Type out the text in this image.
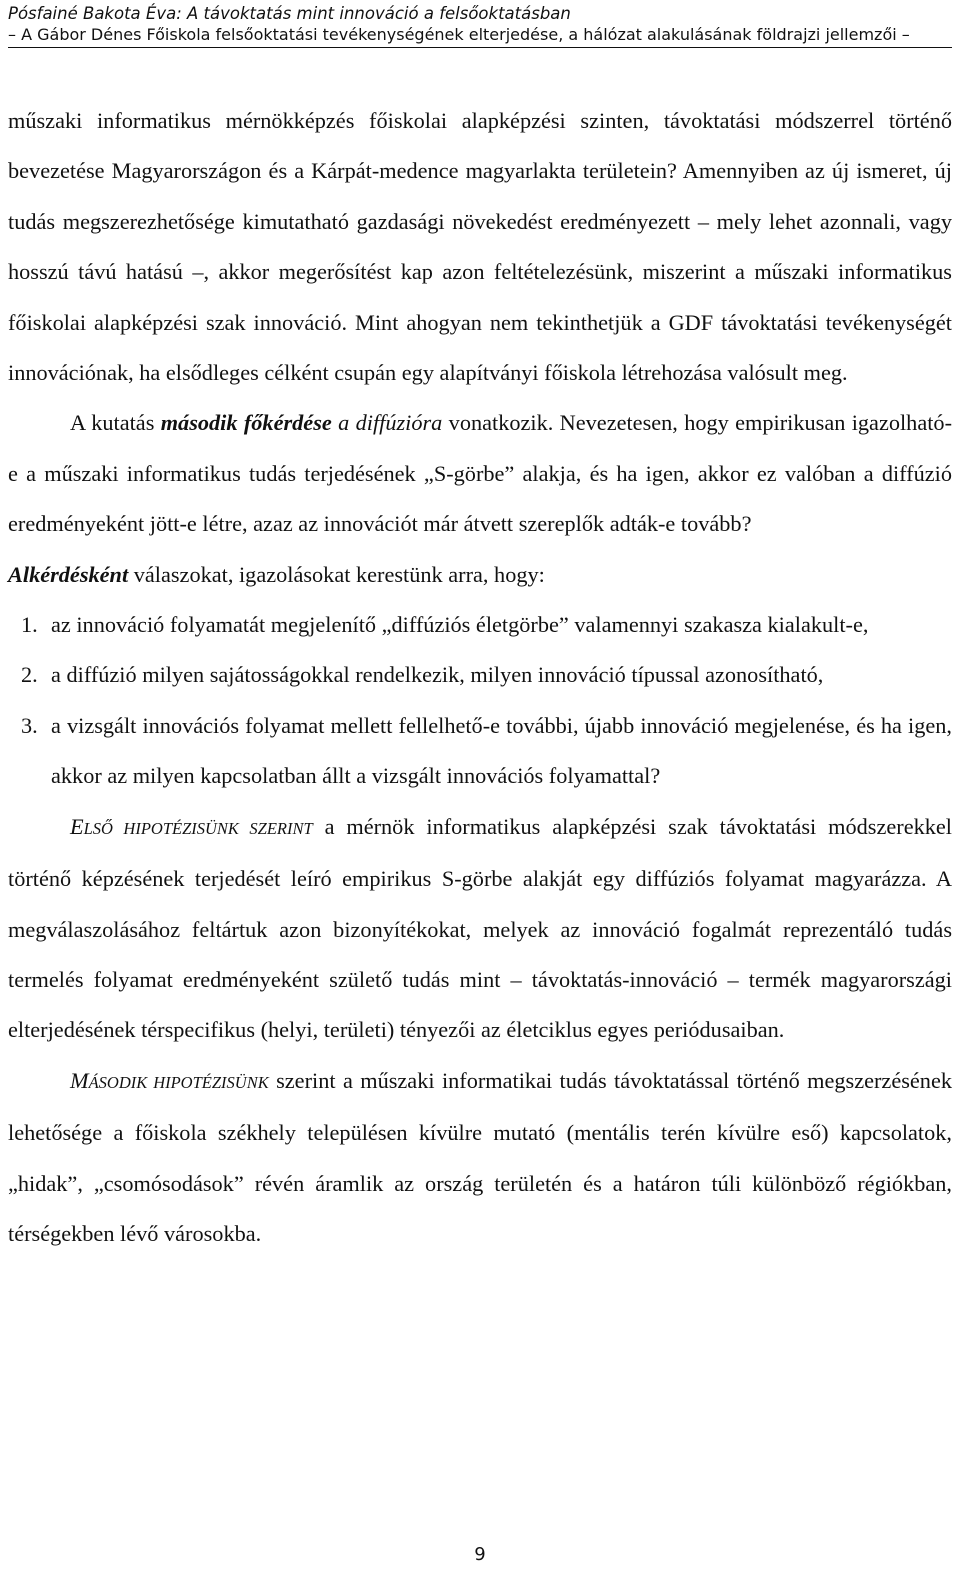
Pósfainé Bakota Éva: A távoktatás mint innováció a felsőoktatásban
– A Gábor Dénes Főiskola felsőoktatási tevékenységének elterjedése, a hálózat alakulásának földrajzi jellemzői –

műszaki informatikus mérnökképzés főiskolai alapképzési szinten, távoktatási módszerrel történő bevezetése Magyarországon és a Kárpát-medence magyarlakta területein? Amennyiben az új ismeret, új tudás megszerezhetősége kimutatható gazdasági növekedést eredményezett – mely lehet azonnali, vagy hosszú távú hatású –, akkor megerősítést kap azon feltételezésünk, miszerint a műszaki informatikus főiskolai alapképzési szak innováció. Mint ahogyan nem tekinthetjük a GDF távoktatási tevékenységét innovációnak, ha elsődleges célként csupán egy alapítványi főiskola létrehozása valósult meg.

A kutatás második főkérdése a diffúzióra vonatkozik. Nevezetesen, hogy empirikusan igazolható-e a műszaki informatikus tudás terjedésének „S-görbe” alakja, és ha igen, akkor ez valóban a diffúzió eredményeként jött-e létre, azaz az innovációt már átvett szereplők adták-e tovább?

Alkérdésként válaszokat, igazolásokat kerestünk arra, hogy:

1. az innováció folyamatát megjelenítő „diffúziós életgörbe” valamennyi szakasza kialakult-e,
2. a diffúzió milyen sajátosságokkal rendelkezik, milyen innováció típussal azonosítható,
3. a vizsgált innovációs folyamat mellett fellelhető-e további, újabb innováció megjelenése, és ha igen, akkor az milyen kapcsolatban állt a vizsgált innovációs folyamattal?

ELSŐ HIPOTÉZISÜNK SZERINT a mérnök informatikus alapképzési szak távoktatási módszerekkel történő képzésének terjedését leíró empirikus S-görbe alakját egy diffúziós folyamat magyarázza. A megválaszolásához feltártuk azon bizonyítékokat, melyek az innováció fogalmát reprezentáló tudás termelés folyamat eredményeként születő tudás mint – távoktatás-innováció – termék magyarországi elterjedésének térspecifikus (helyi, területi) tényezői az életciklus egyes periódusaiban.

MÁSODIK HIPOTÉZISÜNK szerint a műszaki informatikai tudás távoktatással történő megszerzésének lehetősége a főiskola székhely településen kívülre mutató (mentális terén kívülre eső) kapcsolatok, „hidak”, „csomósodások” révén áramlik az ország területén és a határon túli különböző régiókban, térségekben lévő városokba.

9
